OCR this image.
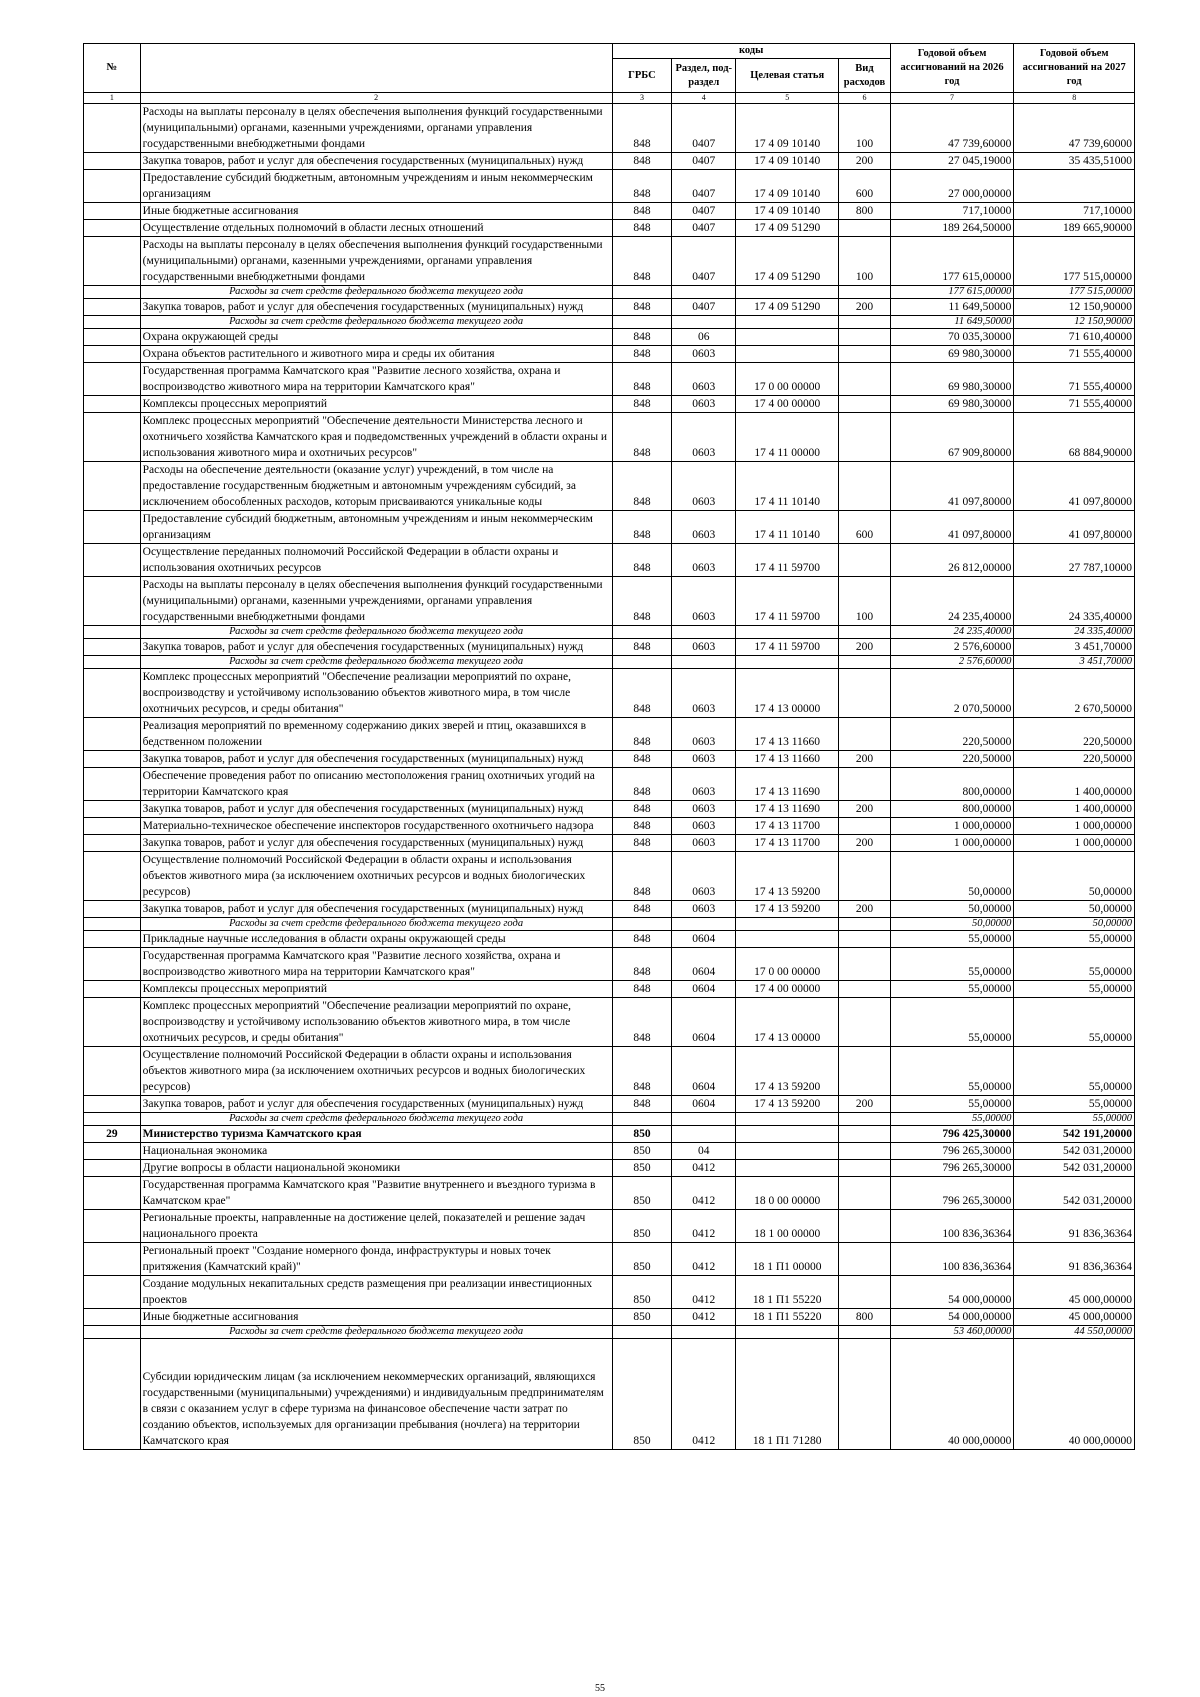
№		коды				Годовой объем ассигнований на 2026 год	Годовой объем ассигнований на 2027 год
		ГРБС	Раздел, под-раздел	Целевая статья	Вид расходов		
1	2	3	4	5	6	7	8
	Расходы на выплаты персоналу в целях обеспечения выполнения функций государственными (муниципальными) органами, казенными учреждениями, органами управления государственными внебюджетными фондами	848	0407	17 4 09 10140	100	47 739,60000	47 739,60000
	Закупка товаров, работ и услуг для обеспечения государственных (муниципальных) нужд	848	0407	17 4 09 10140	200	27 045,19000	35 435,51000
	Предоставление субсидий бюджетным, автономным учреждениям и иным некоммерческим организациям	848	0407	17 4 09 10140	600	27 000,00000	
	Иные бюджетные ассигнования	848	0407	17 4 09 10140	800	717,10000	717,10000
	Осуществление отдельных полномочий в области лесных отношений	848	0407	17 4 09 51290		189 264,50000	189 665,90000
	Расходы на выплаты персоналу в целях обеспечения выполнения функций государственными (муниципальными) органами, казенными учреждениями, органами управления государственными внебюджетными фондами	848	0407	17 4 09 51290	100	177 615,00000	177 515,00000
	Расходы за счет средств федерального бюджета текущего года					177 615,00000	177 515,00000
	Закупка товаров, работ и услуг для обеспечения государственных (муниципальных) нужд	848	0407	17 4 09 51290	200	11 649,50000	12 150,90000
	Расходы за счет средств федерального бюджета текущего года					11 649,50000	12 150,90000
	Охрана окружающей среды	848	06			70 035,30000	71 610,40000
	Охрана объектов растительного и животного мира и среды их обитания	848	0603			69 980,30000	71 555,40000
	Государственная программа Камчатского края "Развитие лесного хозяйства, охрана и воспроизводство животного мира на территории Камчатского края"	848	0603	17 0 00 00000		69 980,30000	71 555,40000
	Комплексы процессных мероприятий	848	0603	17 4 00 00000		69 980,30000	71 555,40000
	Комплекс процессных мероприятий "Обеспечение деятельности Министерства лесного и охотничьего хозяйства Камчатского края и подведомственных учреждений в области охраны и использования животного мира и охотничьих ресурсов"	848	0603	17 4 11 00000		67 909,80000	68 884,90000
	Расходы на обеспечение деятельности (оказание услуг) учреждений, в том числе на предоставление государственным бюджетным и автономным учреждениям субсидий, за исключением обособленных расходов, которым присваиваются уникальные коды	848	0603	17 4 11 10140		41 097,80000	41 097,80000
	Предоставление субсидий бюджетным, автономным учреждениям и иным некоммерческим организациям	848	0603	17 4 11 10140	600	41 097,80000	41 097,80000
	Осуществление переданных полномочий Российской Федерации в области охраны и использования охотничьих ресурсов	848	0603	17 4 11 59700		26 812,00000	27 787,10000
	Расходы на выплаты персоналу в целях обеспечения выполнения функций государственными (муниципальными) органами, казенными учреждениями, органами управления государственными внебюджетными фондами	848	0603	17 4 11 59700	100	24 235,40000	24 335,40000
	Расходы за счет средств федерального бюджета текущего года					24 235,40000	24 335,40000
	Закупка товаров, работ и услуг для обеспечения государственных (муниципальных) нужд	848	0603	17 4 11 59700	200	2 576,60000	3 451,70000
	Расходы за счет средств федерального бюджета текущего года					2 576,60000	3 451,70000
	Комплекс процессных мероприятий "Обеспечение реализации мероприятий по охране, воспроизводству и устойчивому использованию объектов животного мира, в том числе охотничьих ресурсов, и среды обитания"	848	0603	17 4 13 00000		2 070,50000	2 670,50000
	Реализация мероприятий по временному содержанию диких зверей и птиц, оказавшихся в бедственном положении	848	0603	17 4 13 11660		220,50000	220,50000
	Закупка товаров, работ и услуг для обеспечения государственных (муниципальных) нужд	848	0603	17 4 13 11660	200	220,50000	220,50000
	Обеспечение проведения работ по описанию местоположения границ охотничьих угодий на территории Камчатского края	848	0603	17 4 13 11690		800,00000	1 400,00000
	Закупка товаров, работ и услуг для обеспечения государственных (муниципальных) нужд	848	0603	17 4 13 11690	200	800,00000	1 400,00000
	Материально-техническое обеспечение инспекторов государственного охотничьего надзора	848	0603	17 4 13 11700		1 000,00000	1 000,00000
	Закупка товаров, работ и услуг для обеспечения государственных (муниципальных) нужд	848	0603	17 4 13 11700	200	1 000,00000	1 000,00000
	Осуществление полномочий Российской Федерации в области охраны и использования объектов животного мира (за исключением охотничьих ресурсов и водных биологических ресурсов)	848	0603	17 4 13 59200		50,00000	50,00000
	Закупка товаров, работ и услуг для обеспечения государственных (муниципальных) нужд	848	0603	17 4 13 59200	200	50,00000	50,00000
	Расходы за счет средств федерального бюджета текущего года					50,00000	50,00000
	Прикладные научные исследования в области охраны окружающей среды	848	0604			55,00000	55,00000
	Государственная программа Камчатского края "Развитие лесного хозяйства, охрана и воспроизводство животного мира на территории Камчатского края"	848	0604	17 0 00 00000		55,00000	55,00000
	Комплексы процессных мероприятий	848	0604	17 4 00 00000		55,00000	55,00000
	Комплекс процессных мероприятий "Обеспечение реализации мероприятий по охране, воспроизводству и устойчивому использованию объектов животного мира, в том числе охотничьих ресурсов, и среды обитания"	848	0604	17 4 13 00000		55,00000	55,00000
	Осуществление полномочий Российской Федерации в области охраны и использования объектов животного мира (за исключением охотничьих ресурсов и водных биологических ресурсов)	848	0604	17 4 13 59200		55,00000	55,00000
	Закупка товаров, работ и услуг для обеспечения государственных (муниципальных) нужд	848	0604	17 4 13 59200	200	55,00000	55,00000
	Расходы за счет средств федерального бюджета текущего года					55,00000	55,00000
29	Министерство туризма Камчатского края	850				796 425,30000	542 191,20000
	Национальная экономика	850	04			796 265,30000	542 031,20000
	Другие вопросы в области национальной экономики	850	0412			796 265,30000	542 031,20000
	Государственная программа Камчатского края "Развитие внутреннего и въездного туризма в Камчатском крае"	850	0412	18 0 00 00000		796 265,30000	542 031,20000
	Региональные проекты, направленные на достижение целей, показателей и решение задач национального проекта	850	0412	18 1 00 00000		100 836,36364	91 836,36364
	Региональный проект "Создание номерного фонда, инфраструктуры и новых точек притяжения (Камчатский край)"	850	0412	18 1 П1 00000		100 836,36364	91 836,36364
	Создание модульных некапитальных средств размещения при реализации инвестиционных проектов	850	0412	18 1 П1 55220		54 000,00000	45 000,00000
	Иные бюджетные ассигнования	850	0412	18 1 П1 55220	800	54 000,00000	45 000,00000
	Расходы за счет средств федерального бюджета текущего года					53 460,00000	44 550,00000
	Субсидии юридическим лицам (за исключением некоммерческих организаций, являющихся государственными (муниципальными) учреждениями) и индивидуальным предпринимателям в связи с оказанием услуг в сфере туризма на финансовое обеспечение части затрат по созданию объектов, используемых для организации пребывания (ночлега) на территории Камчатского края	850	0412	18 1 П1 71280		40 000,00000	40 000,00000
55
